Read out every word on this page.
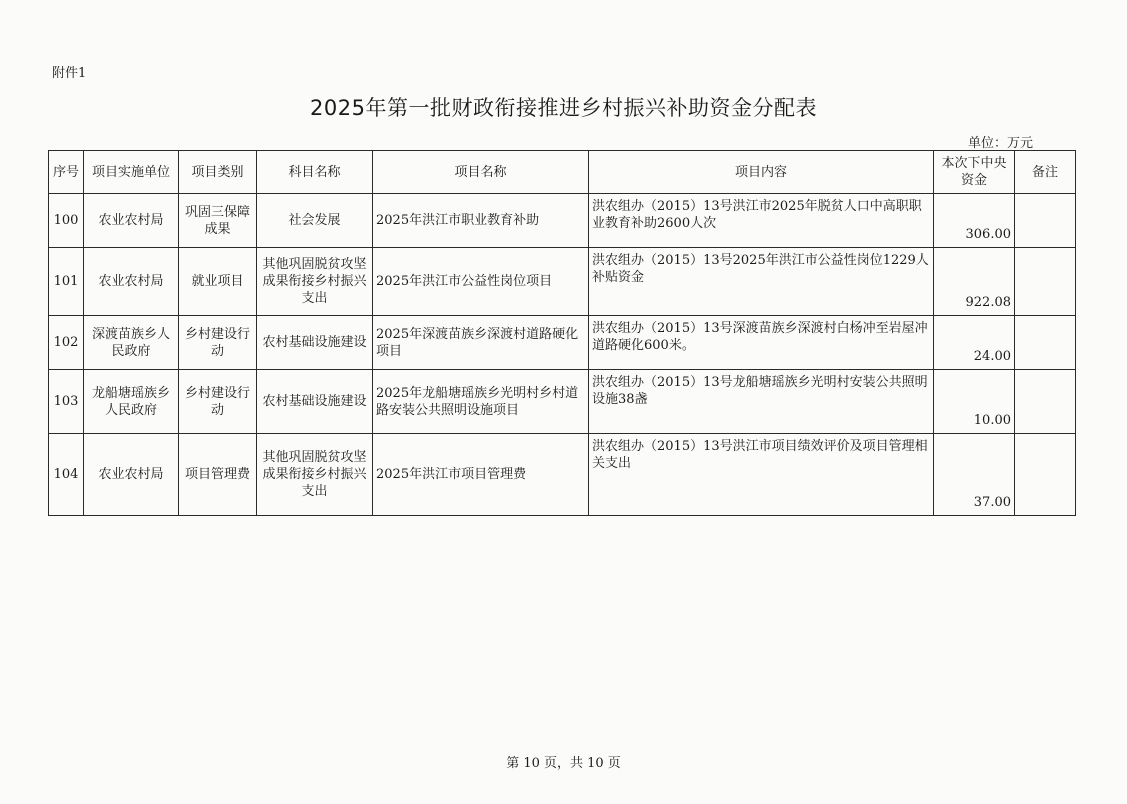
附件1
2025年第一批财政衔接推进乡村振兴补助资金分配表
单位：万元
序号	项目实施单位	项目类别	科目名称	项目名称	项目内容	本次下中央资金	备注
100	农业农村局	巩固三保障成果	社会发展	2025年洪江市职业教育补助	洪农组办（2015）13号洪江市2025年脱贫人口中高职职业教育补助2600人次	306.00	
101	农业农村局	就业项目	其他巩固脱贫攻坚成果衔接乡村振兴支出	2025年洪江市公益性岗位项目	洪农组办（2015）13号2025年洪江市公益性岗位1229人补贴资金	922.08	
102	深渡苗族乡人民政府	乡村建设行动	农村基础设施建设	2025年深渡苗族乡深渡村道路硬化项目	洪农组办（2015）13号深渡苗族乡深渡村白杨冲至岩屋冲道路硬化600米。	24.00	
103	龙船塘瑶族乡人民政府	乡村建设行动	农村基础设施建设	2025年龙船塘瑶族乡光明村乡村道路安装公共照明设施项目	洪农组办（2015）13号龙船塘瑶族乡光明村安装公共照明设施38盏	10.00	
104	农业农村局	项目管理费	其他巩固脱贫攻坚成果衔接乡村振兴支出	2025年洪江市项目管理费	洪农组办（2015）13号洪江市项目绩效评价及项目管理相关支出	37.00	
第 10 页，共 10 页
